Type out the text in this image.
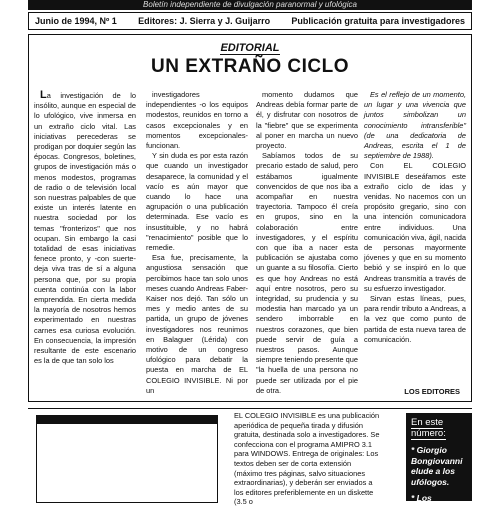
Boletín independiente de divulgación paranormal y ufológica
Junio de 1994, Nº 1 Editores: J. Sierra y J. Guijarro Publicación gratuita para investigadores
EDITORIAL
UN EXTRAÑO CICLO

La investigación de lo insólito, aunque en especial de lo ufológico, vive inmersa en un extraño ciclo vital. Las iniciativas perecederas se prodigan por doquier según las épocas. Congresos, boletines, grupos de investigación más o menos modestos, programas de radio o de televisión local son nuestras palpables de que existe un interés latente en nuestra sociedad por los temas "fronterizos" que nos ocupan. Sin embargo la casi totalidad de esas iniciativas fenece pronto, y -con suerte- deja viva tras de sí a alguna persona que, por su propia cuenta continúa con la labor emprendida. En cierta medida la mayoría de nosotros hemos experimentado en nuestras carnes esa curiosa evolución. En consecuencia, la impresión resultante de este escenario es la de que tan solo los

investigadores independientes -o los equipos modestos, reunidos en torno a casos excepcionales y en momentos excepcionales- funcionan.

Y sin duda es por esta razón que cuando un investigador desaparece, la comunidad y el vacío es aún mayor que cuando lo hace una agrupación o una publicación determinada. Ese vacío es insustituible, y no habrá "renacimiento" posible que lo remedie.

Esa fue, precisamente, la angustiosa sensación que percibimos hace tan solo unos meses cuando Andreas Faber-Kaiser nos dejó. Tan sólo un mes y medio antes de su partida, un grupo de jóvenes investigadores nos reunimos en Balaguer (Lérida) con motivo de un congreso ufológico para debatir la puesta en marcha de EL COLEGIO INVISIBLE. Ni por un

momento dudamos que Andreas debía formar parte de él, y disfrutar con nosotros de la "fiebre" que se experimenta al poner en marcha un nuevo proyecto.

Sabíamos todos de su precario estado de salud, pero estábamos igualmente convencidos de que nos iba a acompañar en nuestra trayectoria. Tampoco él creía en grupos, sino en la colaboración entre investigadores, y el espíritu con que iba a nacer esta publicación se ajustaba como un guante a su filosofía. Cierto es que hoy Andreas no está aquí entre nosotros, pero su integridad, su prudencia y su modestia han marcado ya un sendero imborrable en nuestros corazones, que bien puede servir de guía a nuestros pasos. Aunque siempre teniendo presente que "la huella de una persona no puede ser utilizada por el pie de otra.

Es el reflejo de un momento, un lugar y una vivencia que juntos simbolizan un conocimiento intransferible" (de una dedicatoria de Andreas, escrita el 1 de septiembre de 1988).

Con EL COLEGIO INVISIBLE deseáfamos este extraño ciclo de idas y venidas. No nacemos con un propósito gregario, sino con una intención comunicadora entre individuos. Una comunicación viva, ágil, nacida de personas mayormente jóvenes y que en su momento bebió y se inspiró en lo que Andreas transmitía a través de su esfuerzo investigador.

Sirvan estas líneas, pues, para rendir tributo a Andreas, a la vez que como punto de partida de esta nueva tarea de comunicación.

LOS EDITORES
EL COLEGIO INVISIBLE es una publicación aperiódica de pequeña tirada y difusión gratuita, destinada solo a investigadores. Se confecciona con el programa AMIPRO 3.1 para WINDOWS. Entrega de originales: Los textos deben ser de corta extensión (máximo tres páginas, salvo situaciones extraordinarias), y deberán ser enviados a los editores preferiblemente en un diskette (3.5 o
En este número:
* Giorgio Bongiovanni elude a los ufólogos.
* Los militares
